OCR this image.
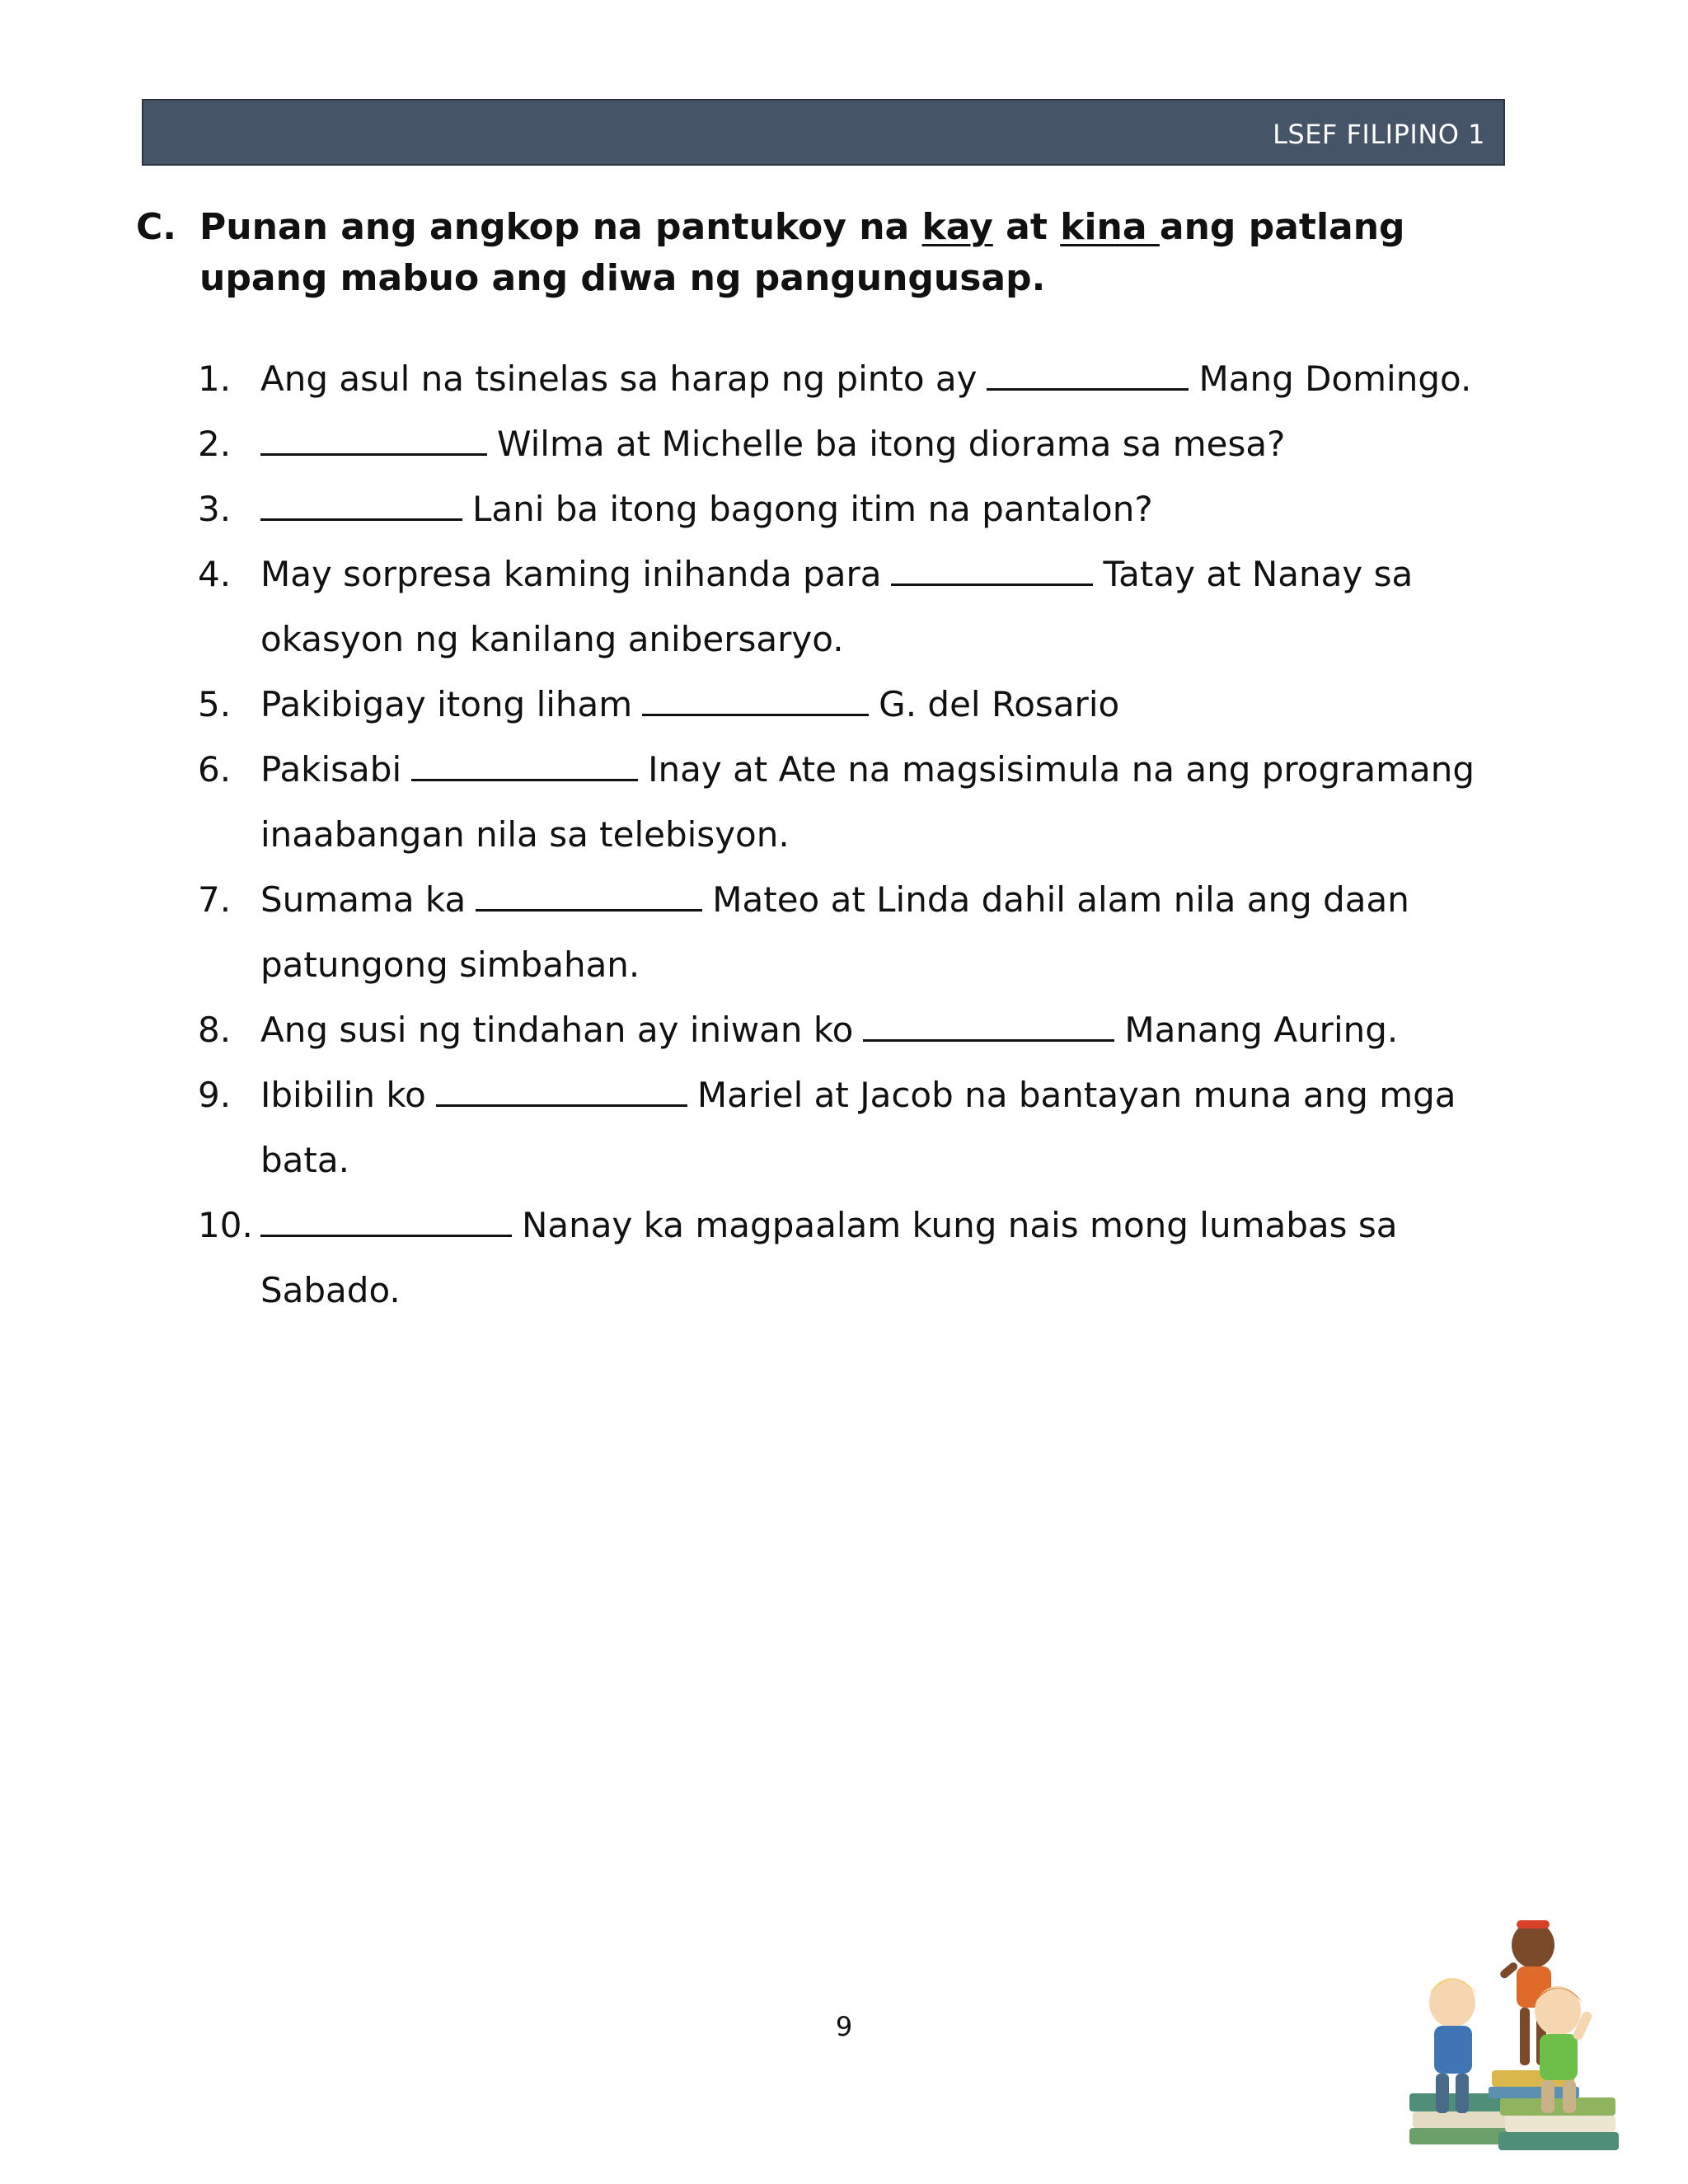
LSEF FILIPINO 1
C. Punan ang angkop na pantukoy na kay at kina ang patlang upang mabuo ang diwa ng pangungusap.
1. Ang asul na tsinelas sa harap ng pinto ay	Mang Domingo.
2.	Wilma at Michelle ba itong diorama sa mesa?
3.	Lani ba itong bagong itim na pantalon?
4. May sorpresa kaming inihanda para	Tatay at Nanay sa okasyon ng kanilang anibersaryo.
5. Pakibigay itong liham	G. del Rosario
6. Pakisabi	Inay at Ate na magsisimula na ang programang inaabangan nila sa telebisyon.
7. Sumama ka	Mateo at Linda dahil alam nila ang daan patungong simbahan.
8. Ang susi ng tindahan ay iniwan ko	Manang Auring.
9. Ibibilin ko	Mariel at Jacob na bantayan muna ang mga bata.
10.	Nanay ka magpaalam kung nais mong lumabas sa Sabado.
9
